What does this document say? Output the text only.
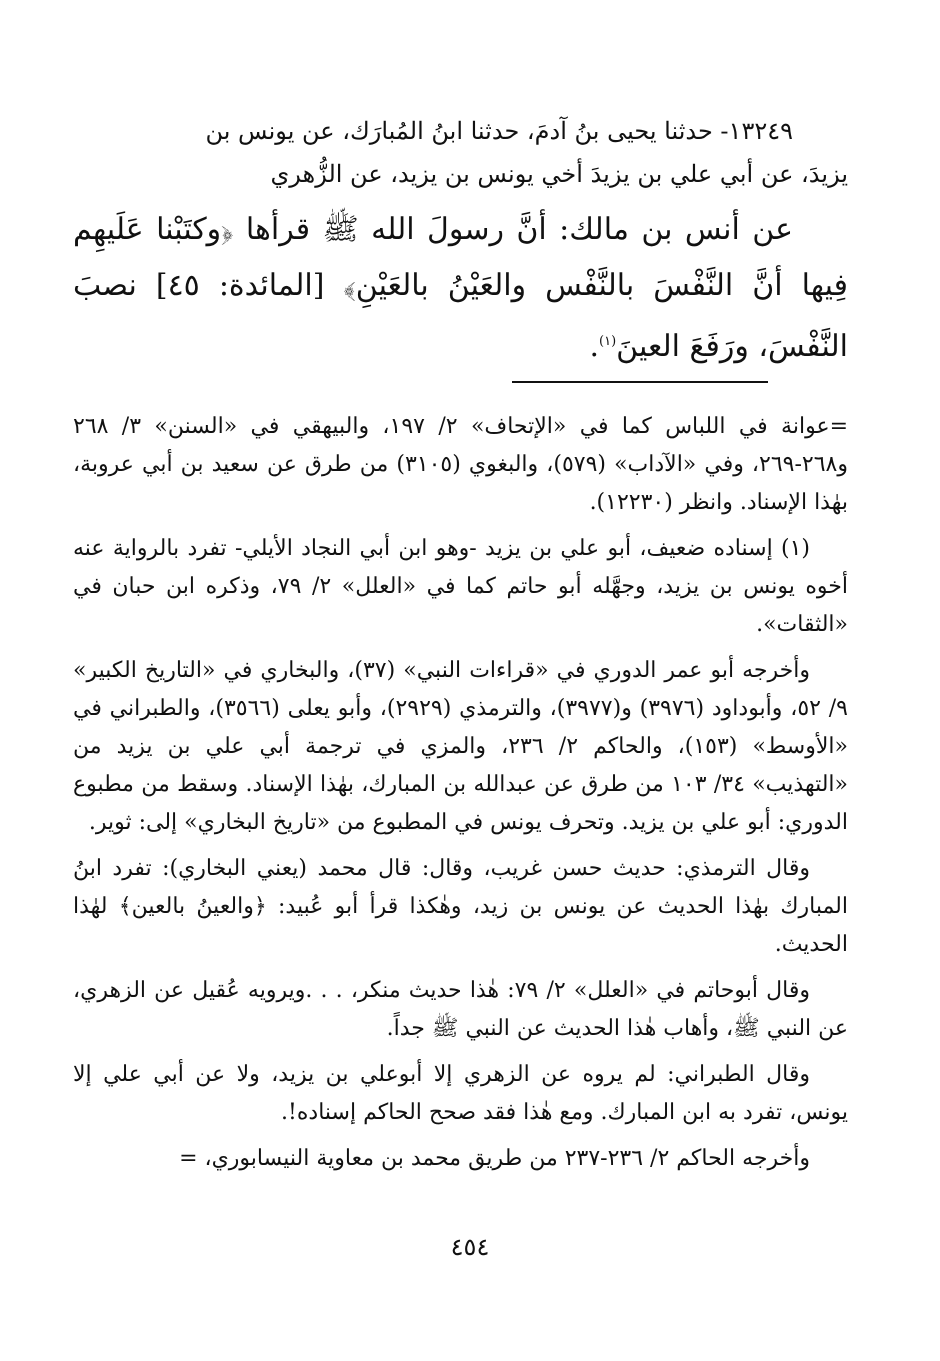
١٣٢٤٩- حدثنا يحيى بنُ آدمَ، حدثنا ابنُ المُبارَك، عن يونس بن

يزيدَ، عن أبي علي بن يزيدَ أخي يونس بن يزيد، عن الزُّهري

عن أنس بن مالك: أنَّ رسولَ الله ﷺ قرأها ﴿وكتَبْنا عَلَيهِم فِيها أنَّ النَّفْسَ بالنَّفْس والعَيْنُ بالعَيْنِ﴾ [المائدة: ٤٥] نصبَ النَّفْسَ، ورَفَعَ العينَ$^{(١)}$.

=عوانة في اللباس كما في «الإتحاف» ٢/ ١٩٧، والبيهقي في «السنن» ٣/ ٢٦٨ و٢٦٨-٢٦٩، وفي «الآداب» (٥٧٩)، والبغوي (٣١٠٥) من طرق عن سعيد بن أبي عروبة، بهٰذا الإسناد. وانظر (١٢٢٣٠).

(١) إسناده ضعيف، أبو علي بن يزيد -وهو ابن أبي النجاد الأيلي- تفرد بالرواية عنه أخوه يونس بن يزيد، وجهَّله أبو حاتم كما في «العلل» ٢/ ٧٩، وذكره ابن حبان في «الثقات».

وأخرجه أبو عمر الدوري في «قراءات النبي» (٣٧)، والبخاري في «التاريخ الكبير» ٩/ ٥٢، وأبوداود (٣٩٧٦) و(٣٩٧٧)، والترمذي (٢٩٢٩)، وأبو يعلى (٣٥٦٦)، والطبراني في «الأوسط» (١٥٣)، والحاكم ٢/ ٢٣٦، والمزي في ترجمة أبي علي بن يزيد من «التهذيب» ٣٤/ ١٠٣ من طرق عن عبدالله بن المبارك، بهٰذا الإسناد. وسقط من مطبوع الدوري: أبو علي بن يزيد. وتحرف يونس في المطبوع من «تاريخ البخاري» إلى: ثوير.

وقال الترمذي: حديث حسن غريب، وقال: قال محمد (يعني البخاري): تفرد ابنُ المبارك بهٰذا الحديث عن يونس بن زيد، وهٰكذا قرأ أبو عُبيد: ﴿والعينُ بالعين﴾ لهٰذا الحديث.

وقال أبوحاتم في «العلل» ٢/ ٧٩: هٰذا حديث منكر، . . .ويرويه عُقيل عن الزهري، عن النبي ﷺ، وأهاب هٰذا الحديث عن النبي ﷺ جداً.

وقال الطبراني: لم يروه عن الزهري إلا أبوعلي بن يزيد، ولا عن أبي علي إلا يونس، تفرد به ابن المبارك. ومع هٰذا فقد صحح الحاكم إسناده!.

وأخرجه الحاكم ٢/ ٢٣٦-٢٣٧ من طريق محمد بن معاوية النيسابوري، =

٤٥٤
